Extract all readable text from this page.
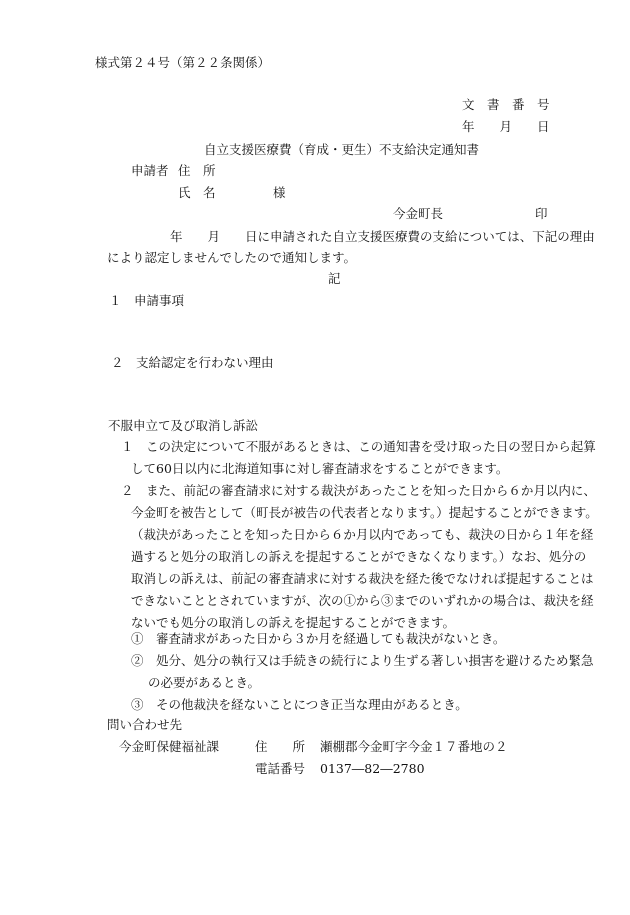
様式第２４号（第２２条関係）
文　書　番　号
年　　月　　日
自立支援医療費（育成・更生）不支給決定通知書
申請者 住　所
氏　名	様
今金町長	印
年　　月　　日に申請された自立支援医療費の支給については、下記の理由
により認定しませんでしたので通知します。
記
１　申請事項
２　支給認定を行わない理由
不服申立て及び取消し訴訟
１　この決定について不服があるときは、この通知書を受け取った日の翌日から起算
して60日以内に北海道知事に対し審査請求をすることができます。
２　また、前記の審査請求に対する裁決があったことを知った日から６か月以内に、
今金町を被告として（町長が被告の代表者となります。）提起することができます。
（裁決があったことを知った日から６か月以内であっても、裁決の日から１年を経
過すると処分の取消しの訴えを提起することができなくなります。）なお、処分の
取消しの訴えは、前記の審査請求に対する裁決を経た後でなければ提起することは
できないこととされていますが、次の①から③までのいずれかの場合は、裁決を経
ないでも処分の取消しの訴えを提起することができます。
①　審査請求があった日から３か月を経過しても裁決がないとき。
②　処分、処分の執行又は手続きの続行により生ずる著しい損害を避けるため緊急
の必要があるとき。
③　その他裁決を経ないことにつき正当な理由があるとき。
問い合わせ先
今金町保健福祉課	住　　所 瀬棚郡今金町字今金１７番地の２
電話番号 0137―82―2780
